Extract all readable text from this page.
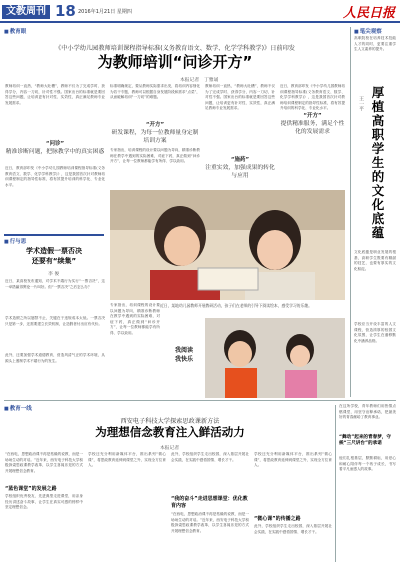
文教周刊 18 2016年1月21日 星期四	人民日报
■ 教育眼
《中小学幼儿园教师培训课程指导标准(义务教育语文、数学、化学学科教学)》日前印发
为教师培训“问诊开方”
本报记者　丁雅诵
教师培训一直热，“教师大吐槽”，教师不仅为了完成学时、获得学分，内容一刀切，针对性不强。国家出台的标准就是要回答这些问题，让培训更有针对性、实效性，真正满足教师专业发展需求。
“问诊”
精准诊断问题，把脉教学中的真实困惑
近日，教育部印发《中小学幼儿园教师培训课程指导标准(义务教育语文、数学、化学学科教学)》，这是我国首次针对教师培训课程制定的指导性标准，将有效提升培训的科学化、专业化水平。
标准明确规定，要从教师实际需求出发，将培训内容细化为若干专题，教师可以根据自身发展阶段和需求“点菜”，从而破解培训“一刀切”的难题。
“开方”
研发课程，为每一位教师量身定制培训方案
专家指出，培训课程的设计要以问题为导向，精准诊断教师在教学中遇到的实际困难，对症下药，真正做到“问诊开方”，让每一位教师都能学有所得、学以致用。
教师培训一直热，“教师大吐槽”，教师不仅为了完成学时、获得学分，内容一刀切，针对性不强。国家出台的标准就是要回答这些问题，让培训更有针对性、实效性，真正满足教师专业发展需求。
“施药”
注重实效，加强成果的转化与应用
近日，教育部印发《中小学幼儿园教师培训课程指导标准(义务教育语文、数学、化学学科教学)》，这是我国首次针对教师培训课程制定的指导性标准，将有效提升培训的科学化、专业化水平。
“开方”
提供精准服务，满足个性化的发展需求
近日，某地幼儿园教师开展教研活动，孩子们在老师的引导下阅读绘本，感受学习的乐趣。
我阅读
我快乐
■ 行与思
学术造假一票否决
还要有“续集”
李 俊
近日，某高校发布通知，对学术不端行为实行“一票否决”，这一举措赢得舆论一片叫好。但“一票否决”之后怎么办？
学术造假之所以屡禁不止，关键在于违规成本太低。一票否决只是第一步，还需要建立长效机制，让造假者付出应有代价。
此外，还要加强学术道德教育，营造风清气正的学术环境，从源头上遏制学术不端行为的发生。
专家指出，培训课程的设计要以问题为导向，精准诊断教师在教学中遇到的实际困难，对症下药，真正做到“问诊开方”，让每一位教师都能学有所得、学以致用。
■ 笔尖观察
高职院校在培养技术技能人才的同时，更要注重学生人文素养的提升。
厚植高职学生的文化底蕴
王一平
文化底蕴是职业发展的根基，高职学生既要有精湛的技艺，也要有厚实的文化积淀。
学校应当开设丰富的人文课程，营造浓厚的校园文化氛围，让学生在潜移默化中涵养品格。
■ 教育一线
西安电子科技大学探索思政课新方法
为理想信念教育注入鲜活动力
本报记者
“在西电，思想政治课不再是枯燥的说教，而是一场场生动的对话。”近年来，西安电子科技大学积极探索思政课教学改革，以学生喜闻乐见的方式开展理想信念教育。
“蓝色课堂”的发展之路
学校组织优秀校友、先进典型走进课堂，用亲身经历讲述奋斗故事，让学生在真实可感的榜样中坚定理想信念。
学校还充分利用新媒体平台，推出系列“微心课”，将思政教育延伸到课堂之外，实现全方位育人。
此外，学校组织学生走出校园，深入基层开展社会实践，在实践中感悟国情、增长才干。
“我的奋斗”走进思想课堂：优化教育内容
“在西电，思想政治课不再是枯燥的说教，而是一场场生动的对话。”近年来，西安电子科技大学积极探索思政课教学改革，以学生喜闻乐见的方式开展理想信念教育。
学校还充分利用新媒体平台，推出系列“微心课”，将思政教育延伸到课堂之外，实现全方位育人。
“微心课”的传播之路
此外，学校组织学生走出校园，深入基层开展社会实践，在实践中感悟国情、增长才干。
在这所学校，青年教师们用热情点燃课堂，用坚守诠释承诺，把最美好的青春献给了教育事业。
“舞动”起来的青春梦，守候“三尺讲台”的承诺
他们扎根基层，默默耕耘，用爱心和耐心陪伴每一个孩子成长，书写着平凡而感人的故事。
